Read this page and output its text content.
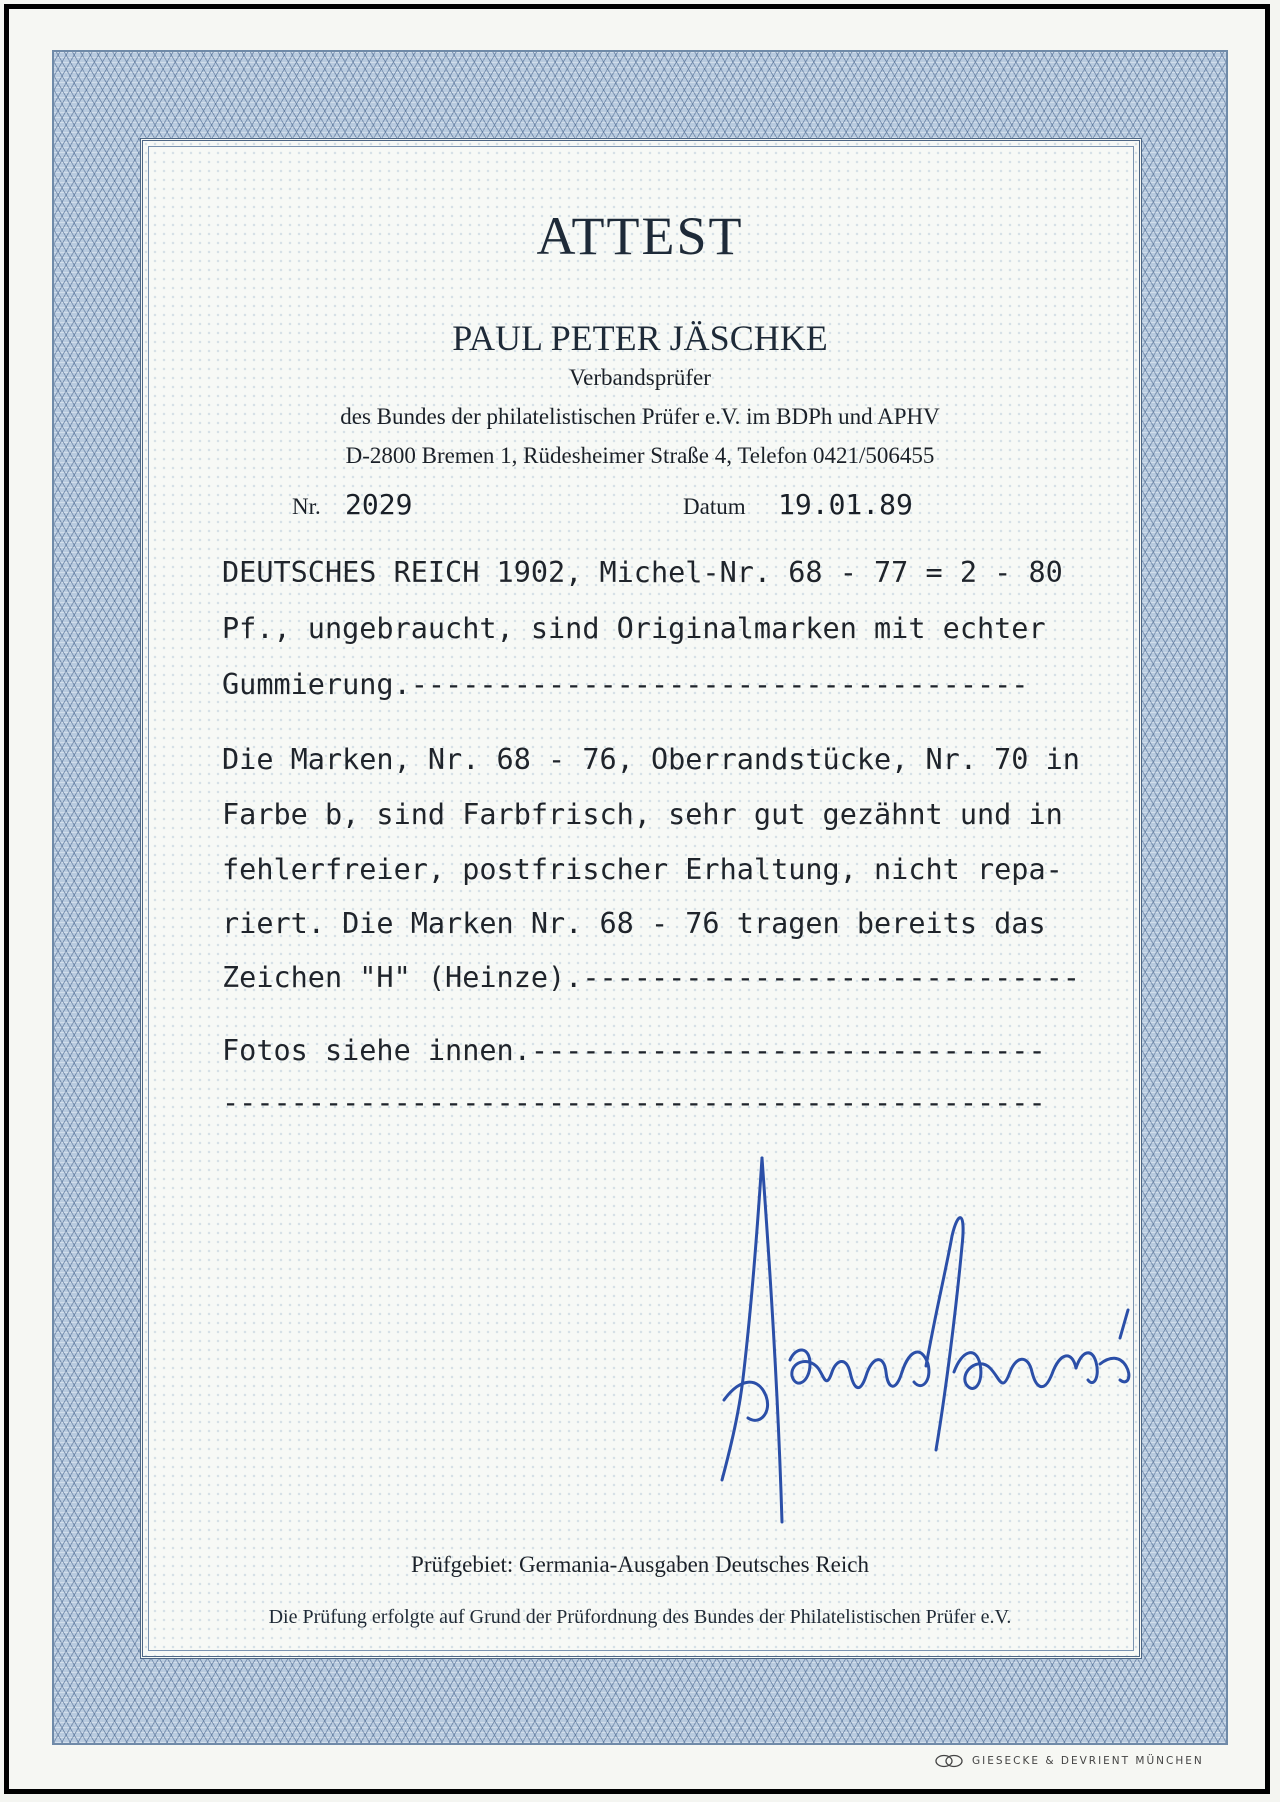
ATTEST
PAUL PETER JÄSCHKE
Verbandsprüfer
des Bundes der philatelistischen Prüfer e.V. im BDPh und APHV
D-2800 Bremen 1, Rüdesheimer Straße 4, Telefon 0421/506455
Nr. 2029	Datum 19.01.89
DEUTSCHES REICH 1902, Michel-Nr. 68 - 77 = 2 - 80
Pf., ungebraucht, sind Originalmarken mit echter
Gummierung.------------------------------------
Die Marken, Nr. 68 - 76, Oberrandstücke, Nr. 70 in
Farbe b, sind Farbfrisch, sehr gut gezähnt und in
fehlerfreier, postfrischer Erhaltung, nicht repa-
riert. Die Marken Nr. 68 - 76 tragen bereits das
Zeichen "H" (Heinze).-----------------------------
Fotos siehe innen.------------------------------
------------------------------------------------
Prüfgebiet: Germania-Ausgaben Deutsches Reich
Die Prüfung erfolgte auf Grund der Prüfordnung des Bundes der Philatelistischen Prüfer e.V.
GIESECKE & DEVRIENT MÜNCHEN
